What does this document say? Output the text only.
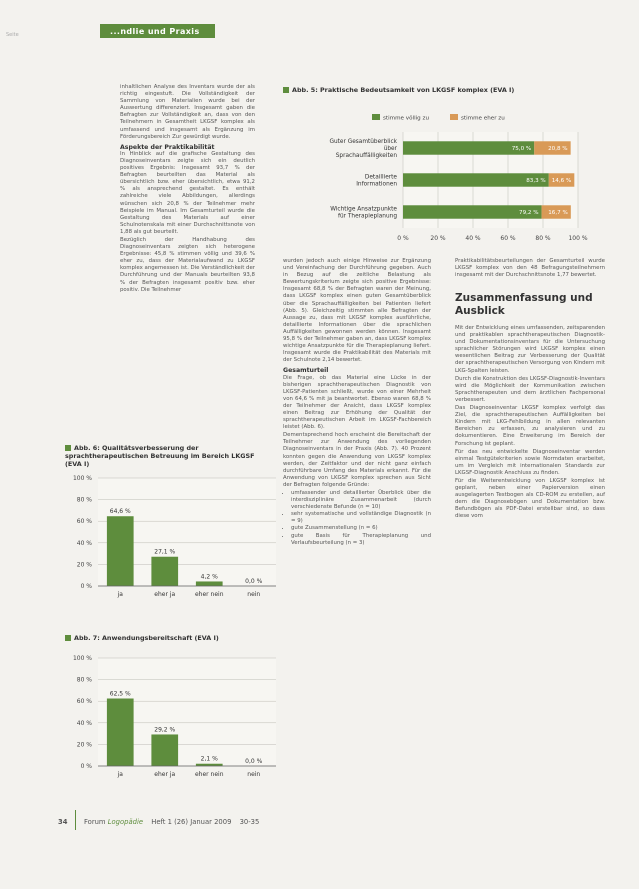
Seite	...ndlie und Praxis

inhaltlichen Analyse des Inventars wurde der als richtig eingestuft. Die Vollständigkeit der Sammlung von Materialien wurde bei der Auswertung differenziert. Insgesamt gaben die Befragten zur Vollständigkeit an, dass von den Teilnehmern in Gesamtheit LKGSF komplex als umfassend und insgesamt als Ergänzung im Förderungsbereich Zur gewürdigt wurde.

Aspekte der Praktikabilität

In Hinblick auf die grafische Gestaltung des Diagnoseinventars zeigte sich ein deutlich positives Ergebnis: Insgesamt 93,7 % der Befragten beurteilten das Material als übersichtlich bzw. eher übersichtlich, etwa 91,2 % als ansprechend gestaltet. Es enthält zahlreiche viele Abbildungen, allerdings wünschen sich 20,8 % der Teilnehmer mehr Beispiele im Manual. Im Gesamturteil wurde die Gestaltung des Materials auf einer Schulnotenskala mit einer Durchschnittsnote von 1,88 als gut beurteilt.

Bezüglich der Handhabung des Diagnoseinventars zeigten sich heterogene Ergebnisse: 45,8 % stimmen völlig und 39,6 % eher zu, dass der Materialaufwand zu LKGSF komplex angemessen ist. Die Verständlichkeit der Durchführung und der Manuals beurteilten 93,8 % der Befragten insgesamt positiv bzw. eher positiv. Die Teilnehmer

Abb. 6: Qualitätsverbesserung der sprachtherapeutischen Betreuung im Bereich LKGSF (EVA I)
0 %
20 %
40 %
60 %
80 %
100 %
64,6 %
ja
27,1 %
eher ja
4,2 %
eher nein
0,0 %
nein
Abb. 7: Anwendungsbereitschaft (EVA I)
0 %
20 %
40 %
60 %
80 %
100 %
62,5 %
ja
29,2 %
eher ja
2,1 %
eher nein
0,0 %
nein
Abb. 5: Praktische Bedeutsamkeit von LKGSF komplex (EVA I)
stimme völlig zu	stimme eher zu
0 %	20 %	40 %	60 %	80 %	100 %
75,0 %	20,8 %
Guter Gesamtüberblick über Sprachauffälligkeiten
83,3 % 14,6 %
Detaillierte Informationen
79,2 % 16,7 %
Wichtige Ansatzpunkte für Therapieplanung

wurden jedoch auch einige Hinweise zur Ergänzung und Vereinfachung der Durchführung gegeben. Auch in Bezug auf die zeitliche Belastung als Bewertungskriterium zeigte sich positive Ergebnisse: Insgesamt 68,8 % der Befragten waren der Meinung, dass LKGSF komplex einen guten Gesamtüberblick über die Sprachauffälligkeiten bei Patienten liefert (Abb. 5). Gleichzeitig stimmten alle Befragten der Aussage zu, dass mit LKGSF komplex ausführliche, detaillierte Informationen über die sprachlichen Auffälligkeiten gewonnen werden können. Insgesamt 95,8 % der Teilnehmer gaben an, dass LKGSF komplex wichtige Ansatzpunkte für die Therapieplanung liefert. Insgesamt wurde die Praktikabilität des Materials mit der Schulnote 2,14 bewertet.

Gesamturteil

Die Frage, ob das Material eine Lücke in der bisherigen sprachtherapeutischen Diagnostik von LKGSF-Patienten schließt, wurde von einer Mehrheit von 64,6 % mit ja beantwortet. Ebenso waren 68,8 % der Teilnehmer der Ansicht, dass LKGSF komplex einen Beitrag zur Erhöhung der Qualität der sprachtherapeutischen Arbeit im LKGSF-Fachbereich leistet (Abb. 6).

Dementsprechend hoch erscheint die Bereitschaft der Teilnehmer zur Anwendung des vorliegenden Diagnoseinventars in der Praxis (Abb. 7). 40 Prozent konnten gegen die Anwendung von LKGSF komplex werden, der Zeitfaktor und der nicht ganz einfach durchführbare Umfang des Materials erkannt. Für die Anwendung von LKGSF komplex sprechen aus Sicht der Befragten folgende Gründe:

• umfassender und detaillierter Überblick über die interdisziplinäre Zusammenarbeit (durch verschiedenste Befunde (n = 10)
• sehr systematische und vollständige Diagnostik (n = 9)
• gute Zusammenstellung (n = 6)
• gute Basis für Therapieplanung und Verlaufsbeurteilung (n = 3)

Praktikabilitätsbeurteilungen der Gesamturteil wurde LKGSF komplex von den 48 Befragungsteilnehmern insgesamt mit der Durchschnittsnote 1,77 bewertet.

Zusammenfassung und Ausblick

Mit der Entwicklung eines umfassenden, zeitsparenden und praktikablen sprachtherapeutischen Diagnostik- und Dokumentationsinventars für die Untersuchung sprachlicher Störungen wird LKGSF komplex einen wesentlichen Beitrag zur Verbesserung der Qualität der sprachtherapeutischen Versorgung von Kindern mit LKG-Spalten leisten.

Durch die Konstruktion des LKGSF-Diagnostik-Inventars wird die Möglichkeit der Kommunikation zwischen Sprachtherapeuten und dem ärztlichen Fachpersonal verbessert.

Das Diagnoseinventar LKGSF komplex verfolgt das Ziel, die sprachtherapeutischen Auffälligkeiten bei Kindern mit LKG-Fehlbildung in allen relevanten Bereichen zu erfassen, zu analysieren und zu dokumentieren. Eine Erweiterung im Bereich der Forschung ist geplant.

Für das neu entwickelte Diagnoseinventar werden einmal Testgütekriterien sowie Normdaten erarbeitet, um im Vergleich mit internationalen Standards zur LKGSF-Diagnostik Anschluss zu finden.

Für die Weiterentwicklung von LKGSF komplex ist geplant, neben einer Papierversion einen ausgelagerten Testbogen als CD-ROM zu erstellen, auf dem die Diagnosebögen und Dokumentation bzw. Befundbögen als PDF-Datei erstellbar sind, so dass diese vom

34 Forum Logopädie Heft 1 (26) Januar 2009 30-35
